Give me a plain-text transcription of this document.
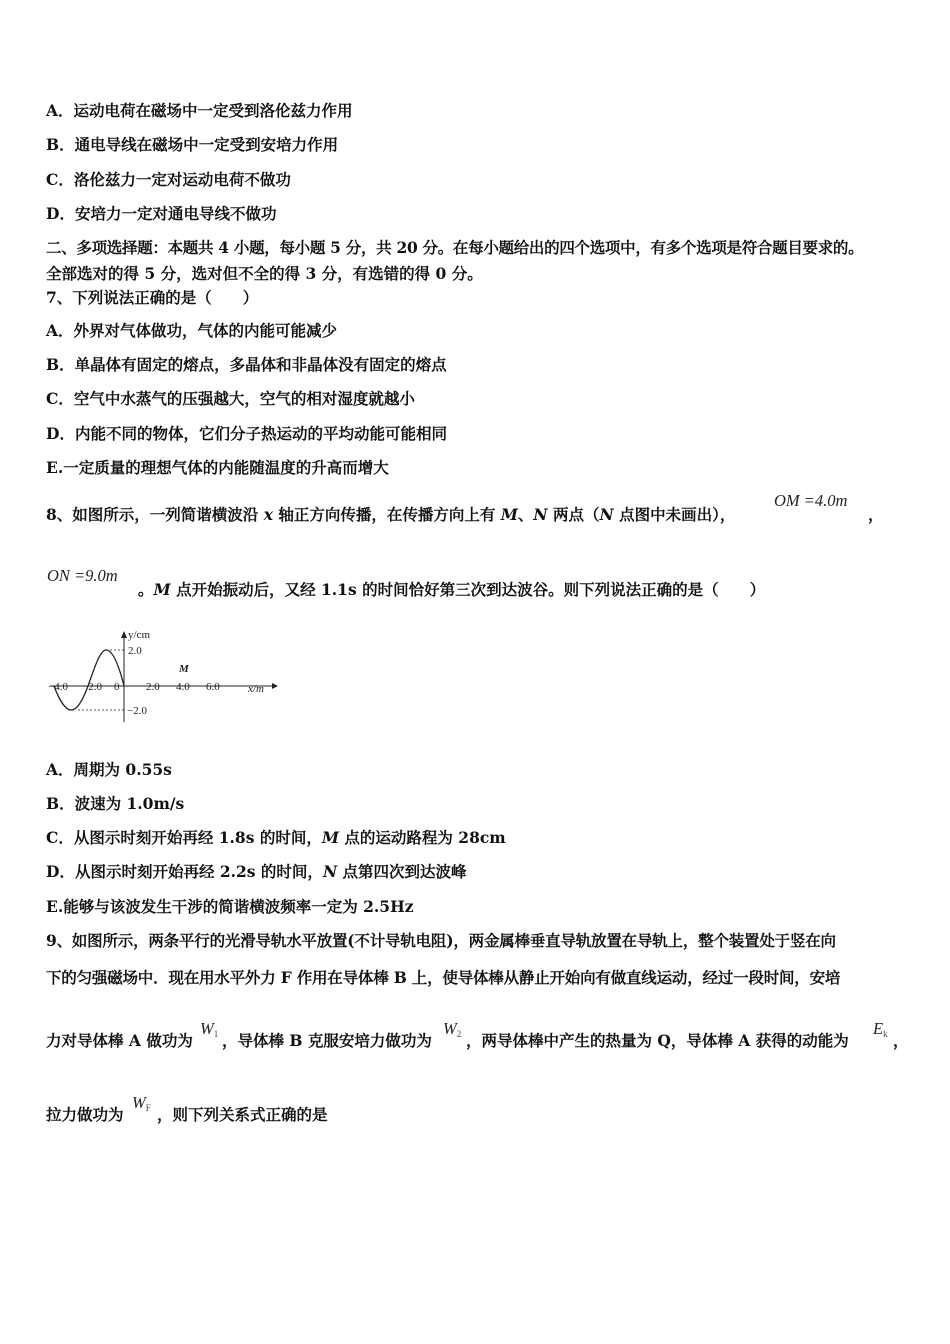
A．运动电荷在磁场中一定受到洛伦兹力作用
B．通电导线在磁场中一定受到安培力作用
C．洛伦兹力一定对运动电荷不做功
D．安培力一定对通电导线不做功
二、多项选择题：本题共 4 小题，每小题 5 分，共 20 分。在每小题给出的四个选项中，有多个选项是符合题目要求的。
全部选对的得 5 分，选对但不全的得 3 分，有选错的得 0 分。
7、下列说法正确的是（　　）
A．外界对气体做功，气体的内能可能减少
B．单晶体有固定的熔点，多晶体和非晶体没有固定的熔点
C．空气中水蒸气的压强越大，空气的相对湿度就越小
D．内能不同的物体，它们分子热运动的平均动能可能相同
E.一定质量的理想气体的内能随温度的升高而增大
8、如图所示，一列简谐横波沿 x 轴正方向传播，在传播方向上有 M、N 两点（N 点图中未画出），
OM =4.0m
，
ON =9.0m
。M 点开始振动后，又经 1.1s 的时间恰好第三次到达波谷。则下列说法正确的是（　　）
y/cm
x/m
2.0
−2.0
−4.0 −2.0 0 2.0 4.0 6.0
M
A．周期为 0.55s
B．波速为 1.0m/s
C．从图示时刻开始再经 1.8s 的时间，M 点的运动路程为 28cm
D．从图示时刻开始再经 2.2s 的时间，N 点第四次到达波峰
E.能够与该波发生干涉的简谐横波频率一定为 2.5Hz
9、如图所示，两条平行的光滑导轨水平放置(不计导轨电阻)，两金属棒垂直导轨放置在导轨上，整个装置处于竖在向
下的匀强磁场中．现在用水平外力 F 作用在导体棒 B 上，使导体棒从静止开始向有做直线运动，经过一段时间，安培
力对导体棒 A 做功为
$W_1$ ，导体棒 B 克服安培力做功为
$W_2$ ，两导体棒中产生的热量为 Q，导体棒 A 获得的动能为
$E_k$ ，
拉力做功为
$W_F$ ，则下列关系式正确的是
